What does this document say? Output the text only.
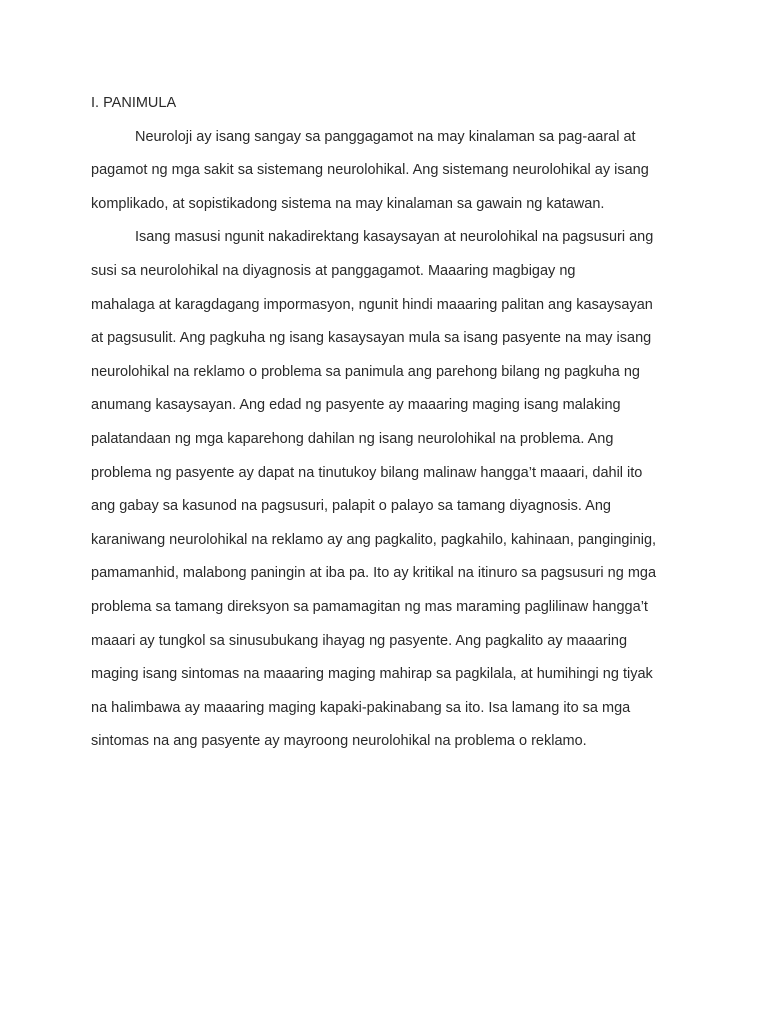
I. PANIMULA
Neuroloji ay isang sangay sa panggagamot na may kinalaman sa pag-aaral at
pagamot ng mga sakit sa sistemang neurolohikal. Ang sistemang neurolohikal ay isang
komplikado, at sopistikadong sistema na may kinalaman sa gawain ng katawan.
Isang masusi ngunit nakadirektang kasaysayan at neurolohikal na pagsusuri ang
susi sa neurolohikal na diyagnosis at panggagamot. Maaaring magbigay ng
mahalaga at karagdagang impormasyon, ngunit hindi maaaring palitan ang kasaysayan
at pagsusulit. Ang pagkuha ng isang kasaysayan mula sa isang pasyente na may isang
neurolohikal na reklamo o problema sa panimula ang parehong bilang ng pagkuha ng
anumang kasaysayan. Ang edad ng pasyente ay maaaring maging isang malaking
palatandaan ng mga kaparehong dahilan ng isang neurolohikal na problema. Ang
problema ng pasyente ay dapat na tinutukoy bilang malinaw hangga’t maaari, dahil ito
ang gabay sa kasunod na pagsusuri, palapit o palayo sa tamang diyagnosis. Ang
karaniwang neurolohikal na reklamo ay ang pagkalito, pagkahilo, kahinaan, panginginig,
pamamanhid, malabong paningin at iba pa. Ito ay kritikal na itinuro sa pagsusuri ng mga
problema sa tamang direksyon sa pamamagitan ng mas maraming paglilinaw hangga’t
maaari ay tungkol sa sinusubukang ihayag ng pasyente. Ang pagkalito ay maaaring
maging isang sintomas na maaaring maging mahirap sa pagkilala, at humihingi ng tiyak
na halimbawa ay maaaring maging kapaki-pakinabang sa ito. Isa lamang ito sa mga
sintomas na ang pasyente ay mayroong neurolohikal na problema o reklamo.
